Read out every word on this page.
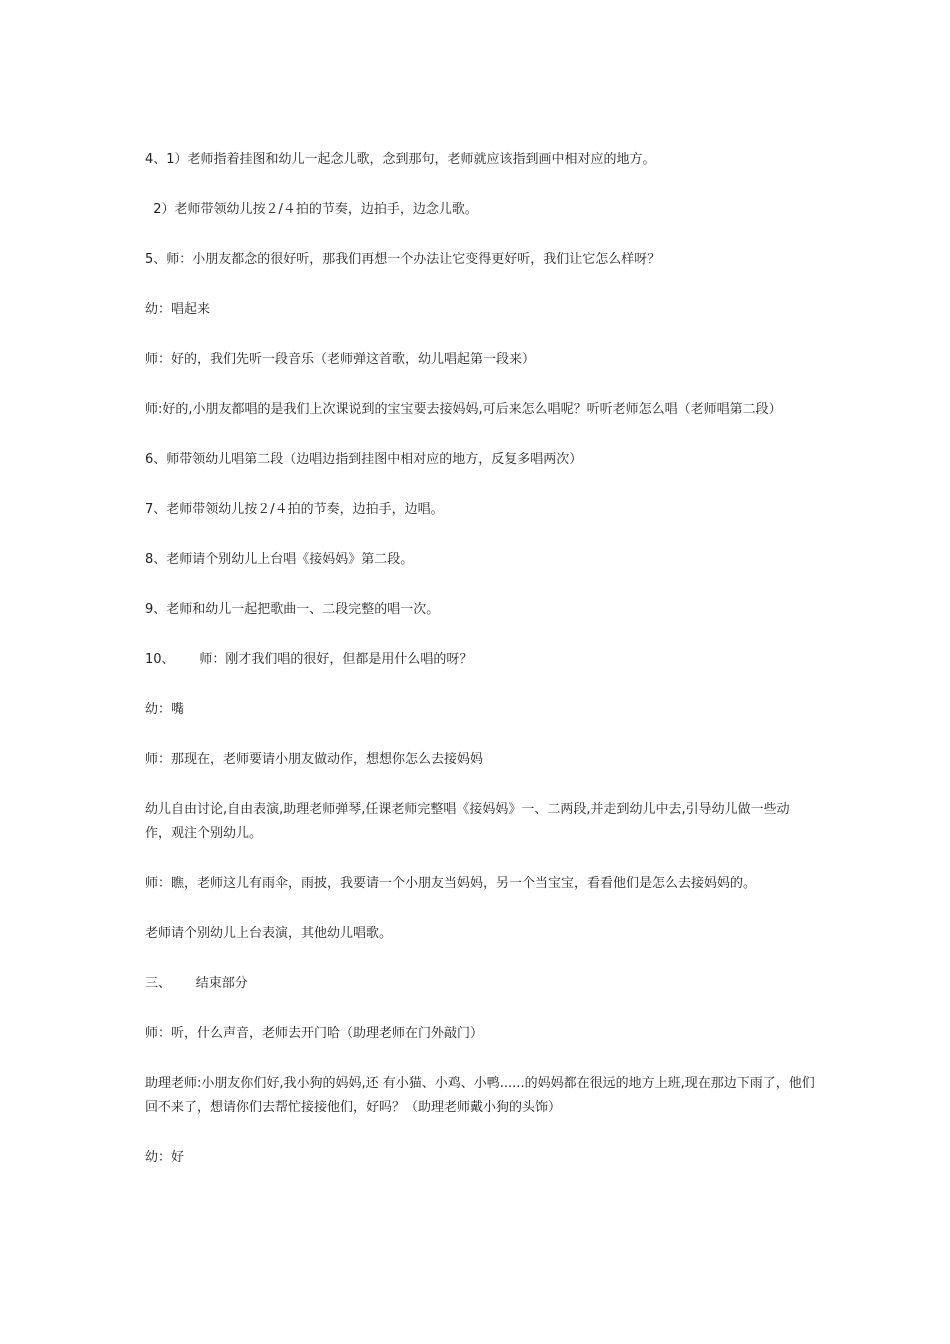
4、1）老师指着挂图和幼儿一起念儿歌，念到那句，老师就应该指到画中相对应的地方。

2）老师带领幼儿按２/４拍的节奏，边拍手，边念儿歌。

5、师：小朋友都念的很好听，那我们再想一个办法让它变得更好听，我们让它怎么样呀？

幼：唱起来

师：好的，我们先听一段音乐（老师弹这首歌，幼儿唱起第一段来）

师:好的,小朋友都唱的是我们上次课说到的宝宝要去接妈妈,可后来怎么唱呢？听听老师怎么唱（老师唱第二段）

6、师带领幼儿唱第二段（边唱边指到挂图中相对应的地方，反复多唱两次）

7、老师带领幼儿按２/４拍的节奏，边拍手，边唱。

8、老师请个别幼儿上台唱《接妈妈》第二段。

9、老师和幼儿一起把歌曲一、二段完整的唱一次。

10、      师：刚才我们唱的很好，但都是用什么唱的呀？

幼：嘴

师：那现在，老师要请小朋友做动作，想想你怎么去接妈妈

幼儿自由讨论,自由表演,助理老师弹琴,任课老师完整唱《接妈妈》一、二两段,并走到幼儿中去,引导幼儿做一些动作，观注个别幼儿。

师：瞧，老师这儿有雨伞，雨披，我要请一个小朋友当妈妈，另一个当宝宝，看看他们是怎么去接妈妈的。

老师请个别幼儿上台表演，其他幼儿唱歌。

三、      结束部分

师：听，什么声音，老师去开门哈（助理老师在门外敲门）

助理老师:小朋友你们好,我小狗的妈妈,还 有小猫、小鸡、小鸭......的妈妈都在很远的地方上班,现在那边下雨了，他们回不来了，想请你们去帮忙接接他们，好吗？（助理老师戴小狗的头饰）

幼：好
